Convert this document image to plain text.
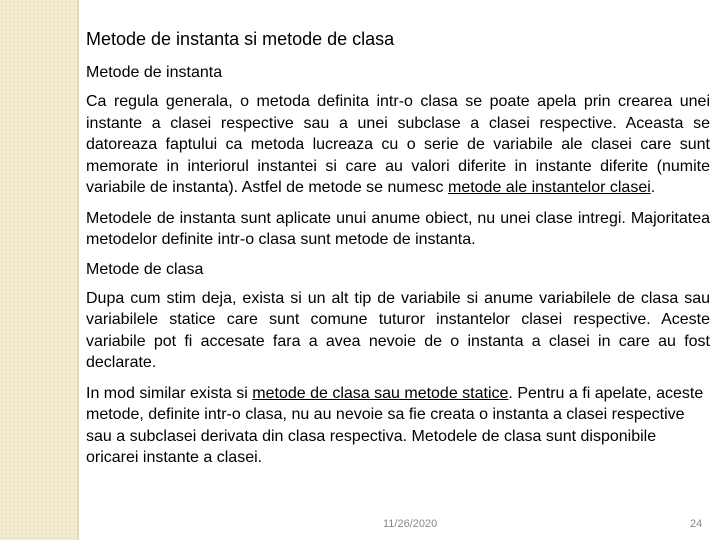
Metode de instanta si metode de clasa
Metode de instanta

Ca regula generala, o metoda definita intr-o clasa se poate apela prin crearea unei instante a clasei respective sau a unei subclase a clasei respective. Aceasta se datoreaza faptului ca metoda lucreaza cu o serie de variabile ale clasei care sunt memorate in interiorul instantei si care au valori diferite in instante diferite (numite variabile de instanta). Astfel de metode se numesc metode ale instantelor clasei.

Metodele de instanta sunt aplicate unui anume obiect, nu unei clase intregi. Majoritatea metodelor definite intr-o clasa sunt metode de instanta.

Metode de clasa

Dupa cum stim deja, exista si un alt tip de variabile si anume variabilele de clasa sau variabilele statice care sunt comune tuturor instantelor clasei respective. Aceste variabile pot fi accesate fara a avea nevoie de o instanta a clasei in care au fost declarate.

In mod similar exista si metode de clasa sau metode statice. Pentru a fi apelate, aceste metode, definite intr-o clasa, nu au nevoie sa fie creata o instanta a clasei respective sau a subclasei derivata din clasa respectiva. Metodele de clasa sunt disponibile oricarei instante a clasei.

11/26/2020	24
